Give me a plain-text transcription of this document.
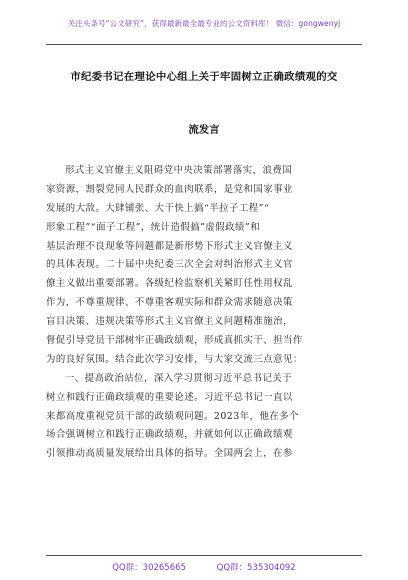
关注头条号“公文研究”，获得最新最全最专业的公文资料库！ 微信：gongwenyj
市纪委书记在理论中心组上关于牢固树立正确政绩观的交
流发言
形式主义官僚主义阻碍党中央决策部署落实，浪费国
家资源，割裂党同人民群众的血肉联系，是党和国家事业
发展的大敌。大肆铺张、大干快上搞“半拉子工程”“
形象工程”“面子工程”，统计造假搞”虚假政绩”和
基层治理不良现象等问题都是新形势下形式主义官僚主义
的具体表现。二十届中央纪委三次全会对纠治形式主义官
僚主义做出重要部署。各级纪检监察机关紧盯任性用权乱
作为，不尊重规律、不尊重客观实际和群众需求随意决策
盲目决策、违规决策等形式主义官僚主义问题精准施治，
督促引导党员干部树牢正确政绩观，形成真抓实干、担当作
为的良好氛围。结合此次学习安排，与大家交流三点意见：
一、提高政治站位，深入学习贯彻习近平总书记关于
树立和践行正确政绩观的重要论述。习近平总书记一直以
来都高度重视党员干部的政绩观问题。2023年，他在多个
场合强调树立和践行正确政绩观，并就如何以正确政绩观
引领推动高质量发展给出具体的指导。全国两会上，在参
QQ群：30265665	QQ群：535304092
